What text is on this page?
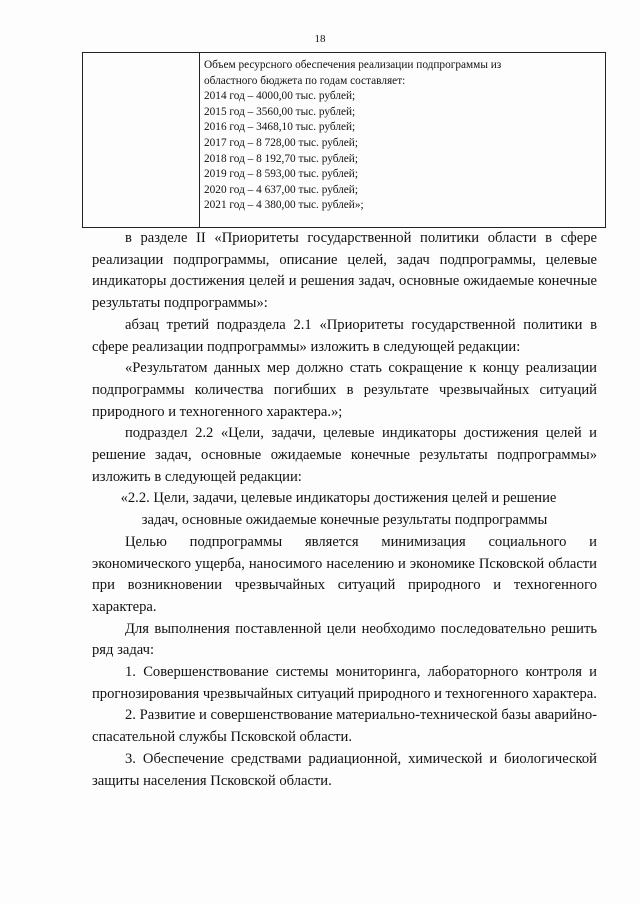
18

Объем ресурсного обеспечения реализации подпрограммы из
областного бюджета по годам составляет:
2014 год – 4000,00 тыс. рублей;
2015 год – 3560,00 тыс. рублей;
2016 год – 3468,10 тыс. рублей;
2017 год – 8 728,00 тыс. рублей;
2018 год – 8 192,70 тыс. рублей;
2019 год – 8 593,00 тыс. рублей;
2020 год – 4 637,00 тыс. рублей;
2021 год – 4 380,00 тыс. рублей»;

в разделе II «Приоритеты государственной политики области в сфере реализации подпрограммы, описание целей, задач подпрограммы, целевые индикаторы достижения целей и решения задач, основные ожидаемые конечные результаты подпрограммы»:

абзац третий подраздела 2.1 «Приоритеты государственной политики в сфере реализации подпрограммы» изложить в следующей редакции:

«Результатом данных мер должно стать сокращение к концу реализации подпрограммы количества погибших в результате чрезвычайных ситуаций природного и техногенного характера.»;

подраздел 2.2 «Цели, задачи, целевые индикаторы достижения целей и решение задач, основные ожидаемые конечные результаты подпрограммы» изложить в следующей редакции:

«2.2. Цели, задачи, целевые индикаторы достижения целей и решение

задач, основные ожидаемые конечные результаты подпрограммы

Целью подпрограммы является минимизация социального и экономического ущерба, наносимого населению и экономике Псковской области при возникновении чрезвычайных ситуаций природного и техногенного характера.

Для выполнения поставленной цели необходимо последовательно решить ряд задач:

1. Совершенствование системы мониторинга, лабораторного контроля и прогнозирования чрезвычайных ситуаций природного и техногенного характера.

2. Развитие и совершенствование материально-технической базы аварийно-спасательной службы Псковской области.

3. Обеспечение средствами радиационной, химической и биологической защиты населения Псковской области.
